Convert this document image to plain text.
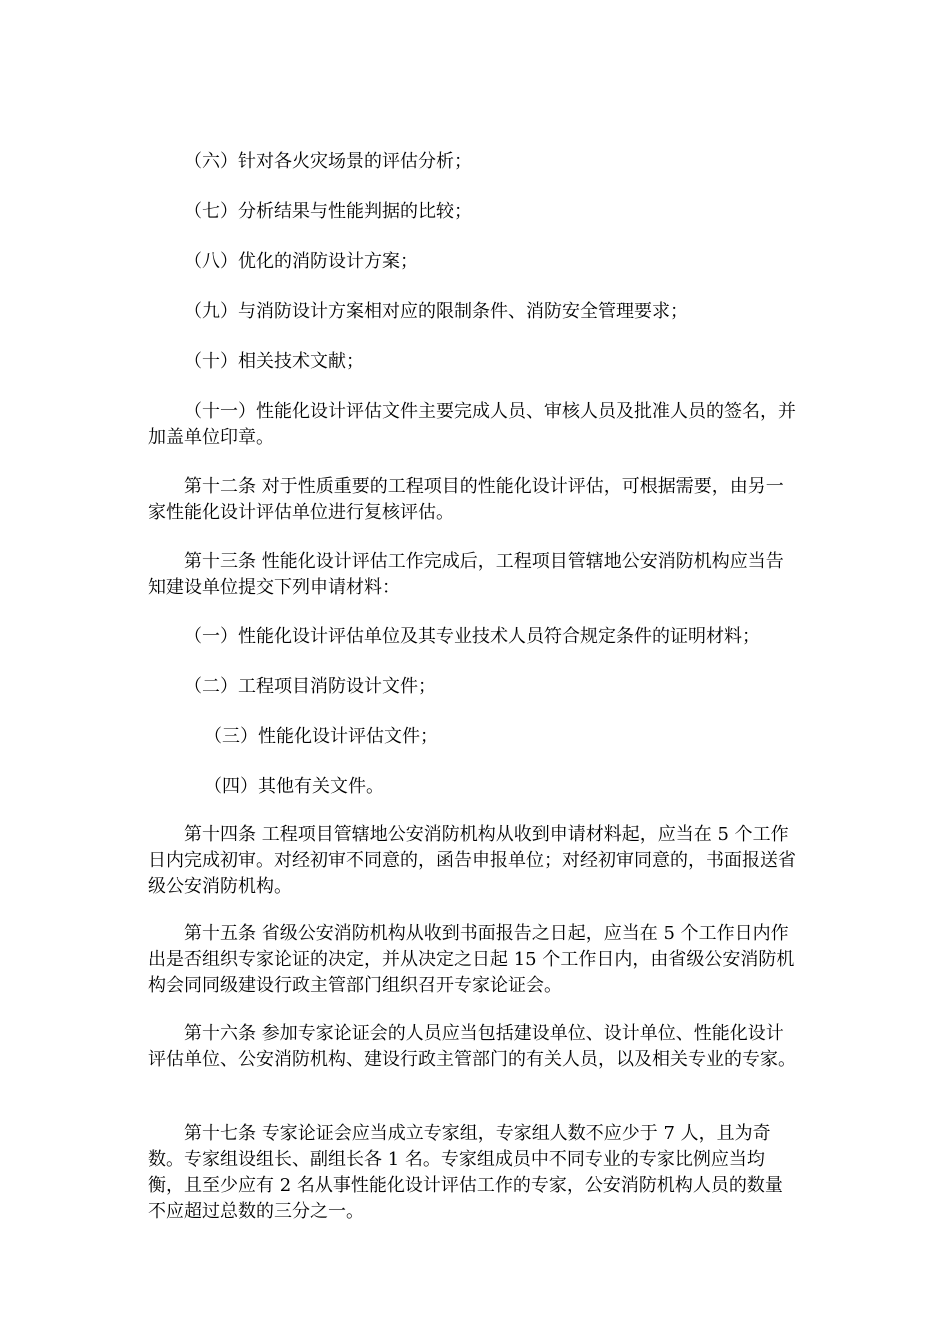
（六）针对各火灾场景的评估分析；
（七）分析结果与性能判据的比较；
（八）优化的消防设计方案；
（九）与消防设计方案相对应的限制条件、消防安全管理要求；
（十）相关技术文献；
（十一）性能化设计评估文件主要完成人员、审核人员及批准人员的签名，并加盖单位印章。
第十二条 对于性质重要的工程项目的性能化设计评估，可根据需要，由另一家性能化设计评估单位进行复核评估。
第十三条 性能化设计评估工作完成后，工程项目管辖地公安消防机构应当告知建设单位提交下列申请材料：
（一）性能化设计评估单位及其专业技术人员符合规定条件的证明材料；
（二）工程项目消防设计文件；
（三）性能化设计评估文件；
（四）其他有关文件。
第十四条 工程项目管辖地公安消防机构从收到申请材料起，应当在 5 个工作日内完成初审。对经初审不同意的，函告申报单位；对经初审同意的，书面报送省级公安消防机构。
第十五条 省级公安消防机构从收到书面报告之日起，应当在 5 个工作日内作出是否组织专家论证的决定，并从决定之日起 15 个工作日内，由省级公安消防机构会同同级建设行政主管部门组织召开专家论证会。
第十六条 参加专家论证会的人员应当包括建设单位、设计单位、性能化设计评估单位、公安消防机构、建设行政主管部门的有关人员，以及相关专业的专家。
第十七条 专家论证会应当成立专家组，专家组人数不应少于 7 人，且为奇数。专家组设组长、副组长各 1 名。专家组成员中不同专业的专家比例应当均衡，且至少应有 2 名从事性能化设计评估工作的专家，公安消防机构人员的数量不应超过总数的三分之一。
